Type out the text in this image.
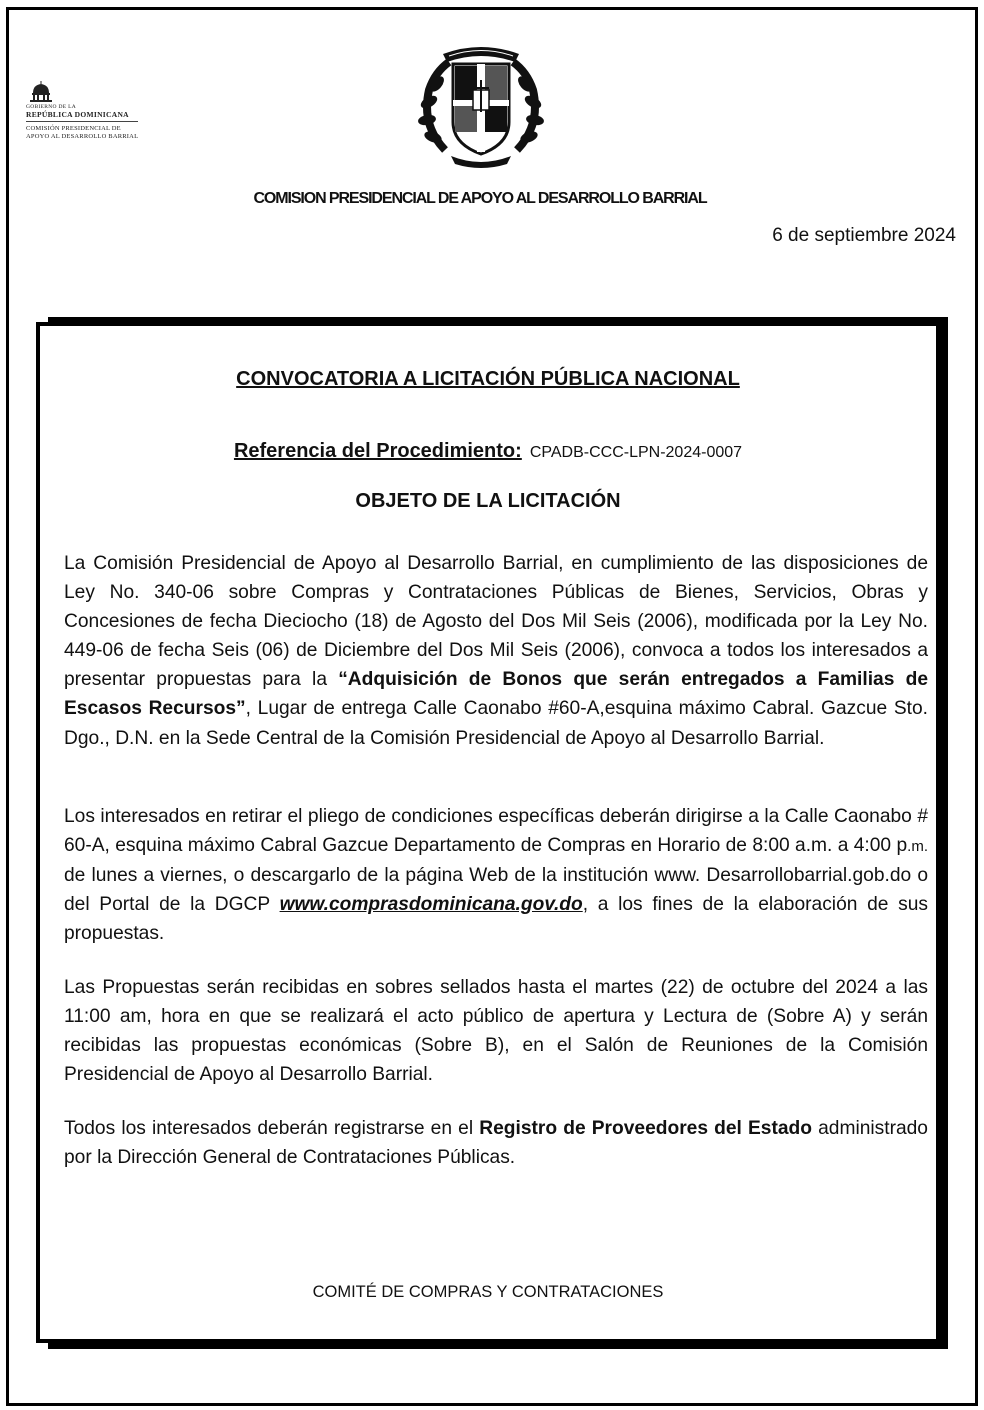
GOBIERNO DE LA
REPÚBLICA DOMINICANA
COMISIÓN PRESIDENCIAL DE
APOYO AL DESARROLLO BARRIAL
COMISION PRESIDENCIAL DE APOYO AL DESARROLLO BARRIAL
6 de septiembre 2024
CONVOCATORIA A LICITACIÓN PÚBLICA NACIONAL
Referencia del Procedimiento: CPADB-CCC-LPN-2024-0007
OBJETO DE LA LICITACIÓN

La Comisión Presidencial de Apoyo al Desarrollo Barrial, en cumplimiento de las disposiciones de Ley No. 340-06 sobre Compras y Contrataciones Públicas de Bienes, Servicios, Obras y Concesiones de fecha Dieciocho (18) de Agosto del Dos Mil Seis (2006), modificada por la Ley No. 449-06 de fecha Seis (06) de Diciembre del Dos Mil Seis (2006), convoca a todos los interesados a presentar propuestas para la “Adquisición de Bonos que serán entregados a Familias de Escasos Recursos”, Lugar de entrega Calle Caonabo #60-A,esquina máximo Cabral. Gazcue Sto. Dgo., D.N. en la Sede Central de la Comisión Presidencial de Apoyo al Desarrollo Barrial.

Los interesados en retirar el pliego de condiciones específicas deberán dirigirse a la Calle Caonabo # 60-A, esquina máximo Cabral Gazcue Departamento de Compras en Horario de 8:00 a.m. a 4:00 p.m. de lunes a viernes, o descargarlo de la página Web de la institución www. Desarrollobarrial.gob.do o del Portal de la DGCP www.comprasdominicana.gov.do, a los fines de la elaboración de sus propuestas.

Las Propuestas serán recibidas en sobres sellados hasta el martes (22) de octubre del 2024 a las 11:00 am, hora en que se realizará el acto público de apertura y Lectura de (Sobre A) y serán recibidas las propuestas económicas (Sobre B), en el Salón de Reuniones de la Comisión Presidencial de Apoyo al Desarrollo Barrial.

Todos los interesados deberán registrarse en el Registro de Proveedores del Estado administrado por la Dirección General de Contrataciones Públicas.

COMITÉ DE COMPRAS Y CONTRATACIONES
